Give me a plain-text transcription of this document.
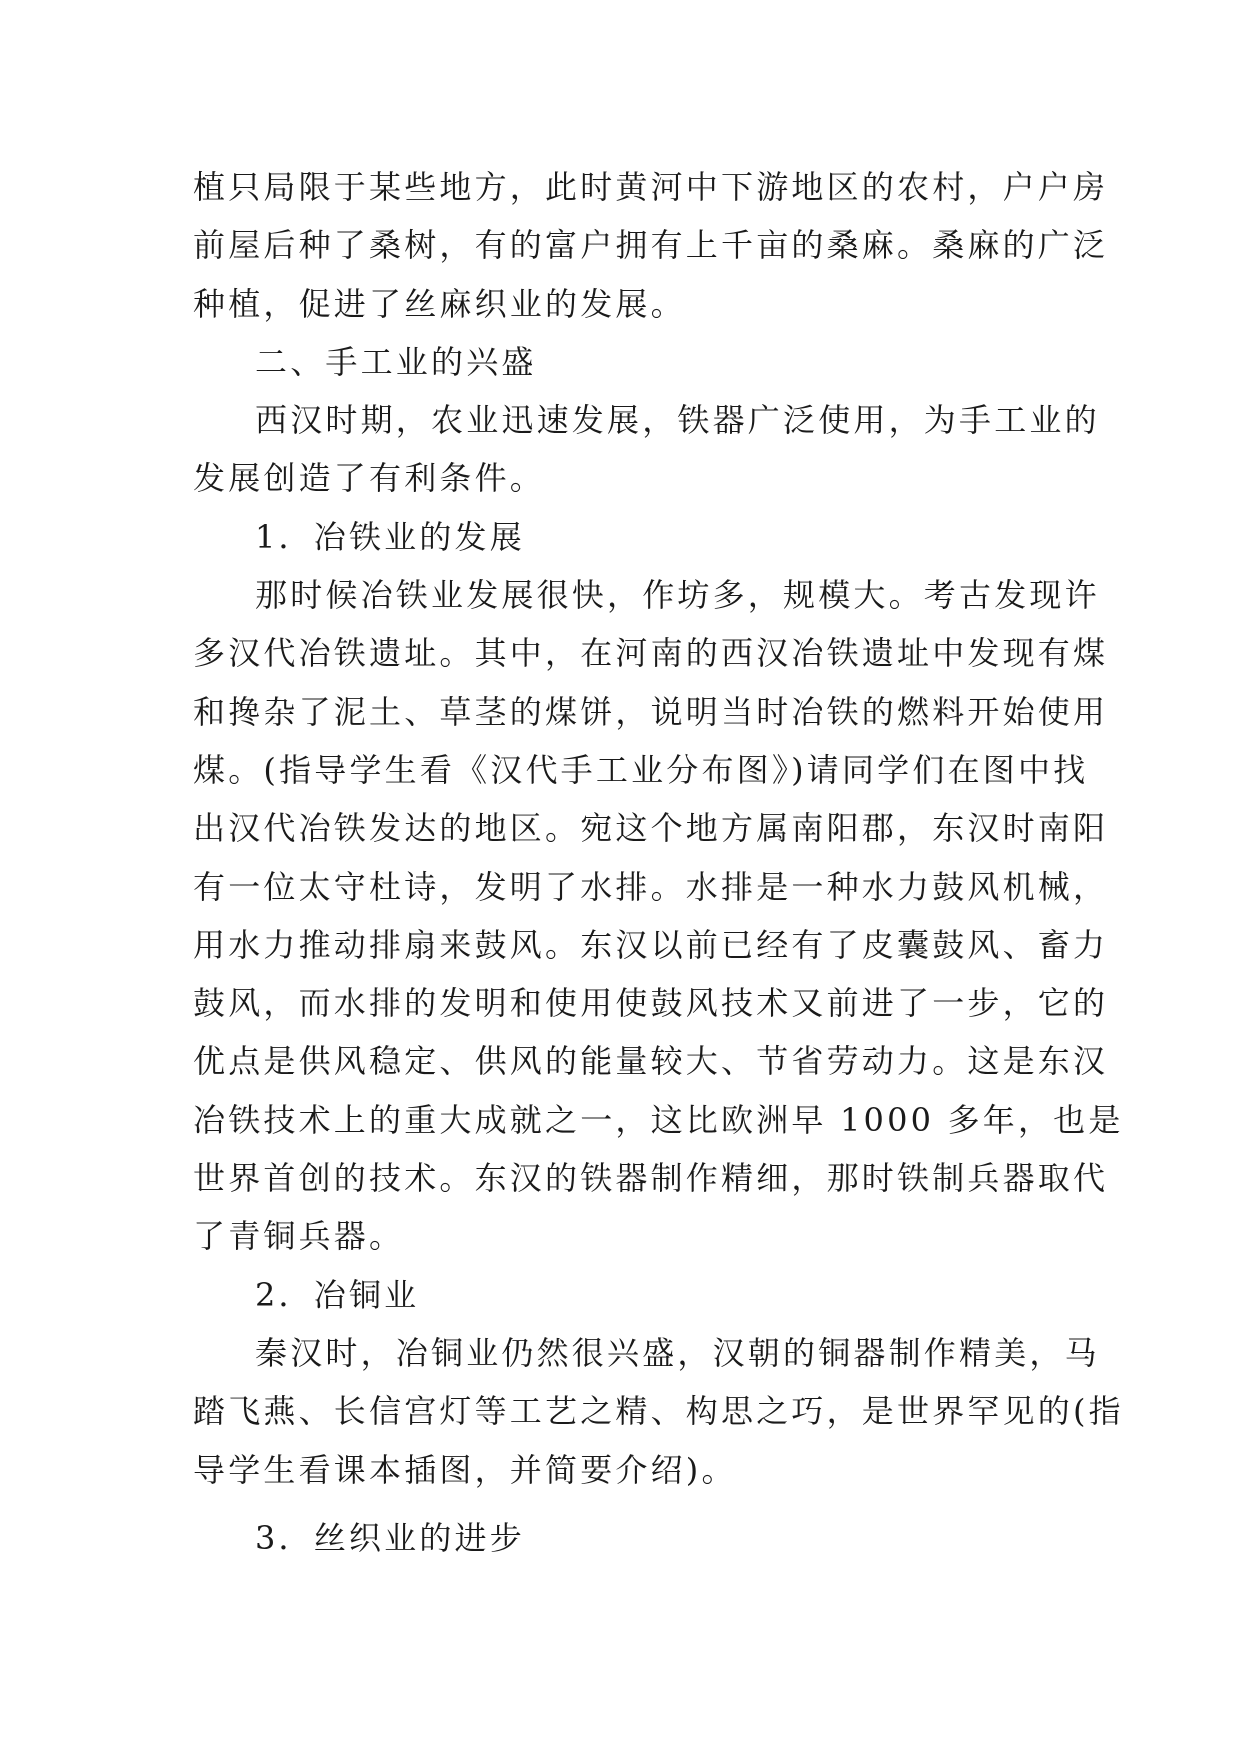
植只局限于某些地方，此时黄河中下游地区的农村，户户房

前屋后种了桑树，有的富户拥有上千亩的桑麻。桑麻的广泛

种植，促进了丝麻织业的发展。

二、手工业的兴盛

西汉时期，农业迅速发展，铁器广泛使用，为手工业的

发展创造了有利条件。

1．冶铁业的发展

那时候冶铁业发展很快，作坊多，规模大。考古发现许

多汉代冶铁遗址。其中，在河南的西汉冶铁遗址中发现有煤

和搀杂了泥土、草茎的煤饼，说明当时冶铁的燃料开始使用

煤。(指导学生看《汉代手工业分布图》)请同学们在图中找

出汉代冶铁发达的地区。宛这个地方属南阳郡，东汉时南阳

有一位太守杜诗，发明了水排。水排是一种水力鼓风机械，

用水力推动排扇来鼓风。东汉以前已经有了皮囊鼓风、畜力

鼓风，而水排的发明和使用使鼓风技术又前进了一步，它的

优点是供风稳定、供风的能量较大、节省劳动力。这是东汉

冶铁技术上的重大成就之一，这比欧洲早 1000 多年，也是

世界首创的技术。东汉的铁器制作精细，那时铁制兵器取代

了青铜兵器。

2．冶铜业

秦汉时，冶铜业仍然很兴盛，汉朝的铜器制作精美，马

踏飞燕、长信宫灯等工艺之精、构思之巧，是世界罕见的(指

导学生看课本插图，并简要介绍)。

3．丝织业的进步
